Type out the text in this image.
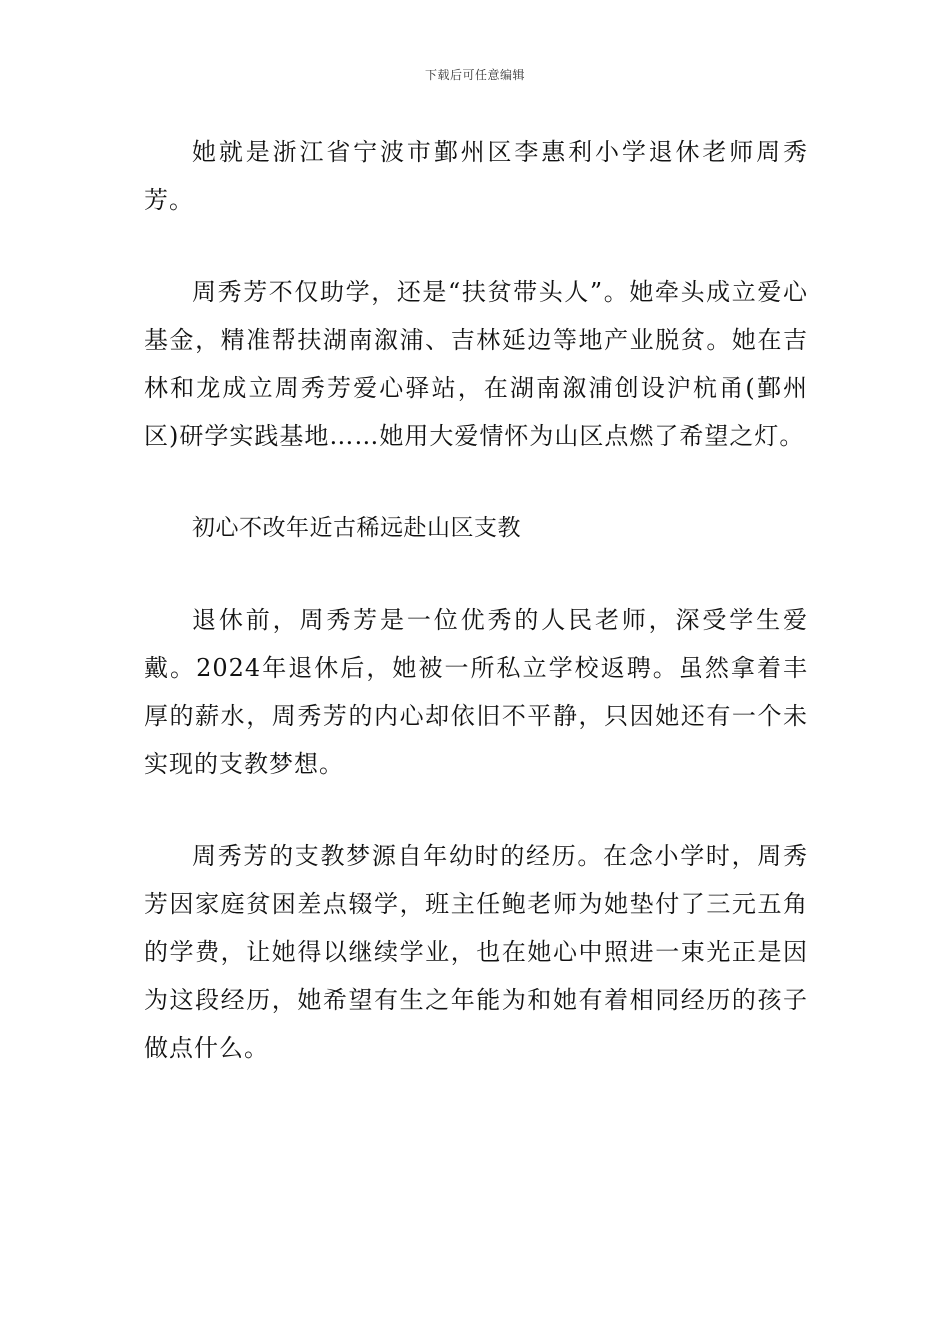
下载后可任意编辑

她就是浙江省宁波市鄞州区李惠利小学退休老师周秀芳。

周秀芳不仅助学，还是“扶贫带头人”。她牵头成立爱心基金，精准帮扶湖南溆浦、吉林延边等地产业脱贫。她在吉林和龙成立周秀芳爱心驿站，在湖南溆浦创设沪杭甬(鄞州区)研学实践基地……她用大爱情怀为山区点燃了希望之灯。

初心不改年近古稀远赴山区支教

退休前，周秀芳是一位优秀的人民老师，深受学生爱戴。2024年退休后，她被一所私立学校返聘。虽然拿着丰厚的薪水，周秀芳的内心却依旧不平静，只因她还有一个未实现的支教梦想。

周秀芳的支教梦源自年幼时的经历。在念小学时，周秀芳因家庭贫困差点辍学，班主任鲍老师为她垫付了三元五角的学费，让她得以继续学业，也在她心中照进一束光正是因为这段经历，她希望有生之年能为和她有着相同经历的孩子做点什么。
